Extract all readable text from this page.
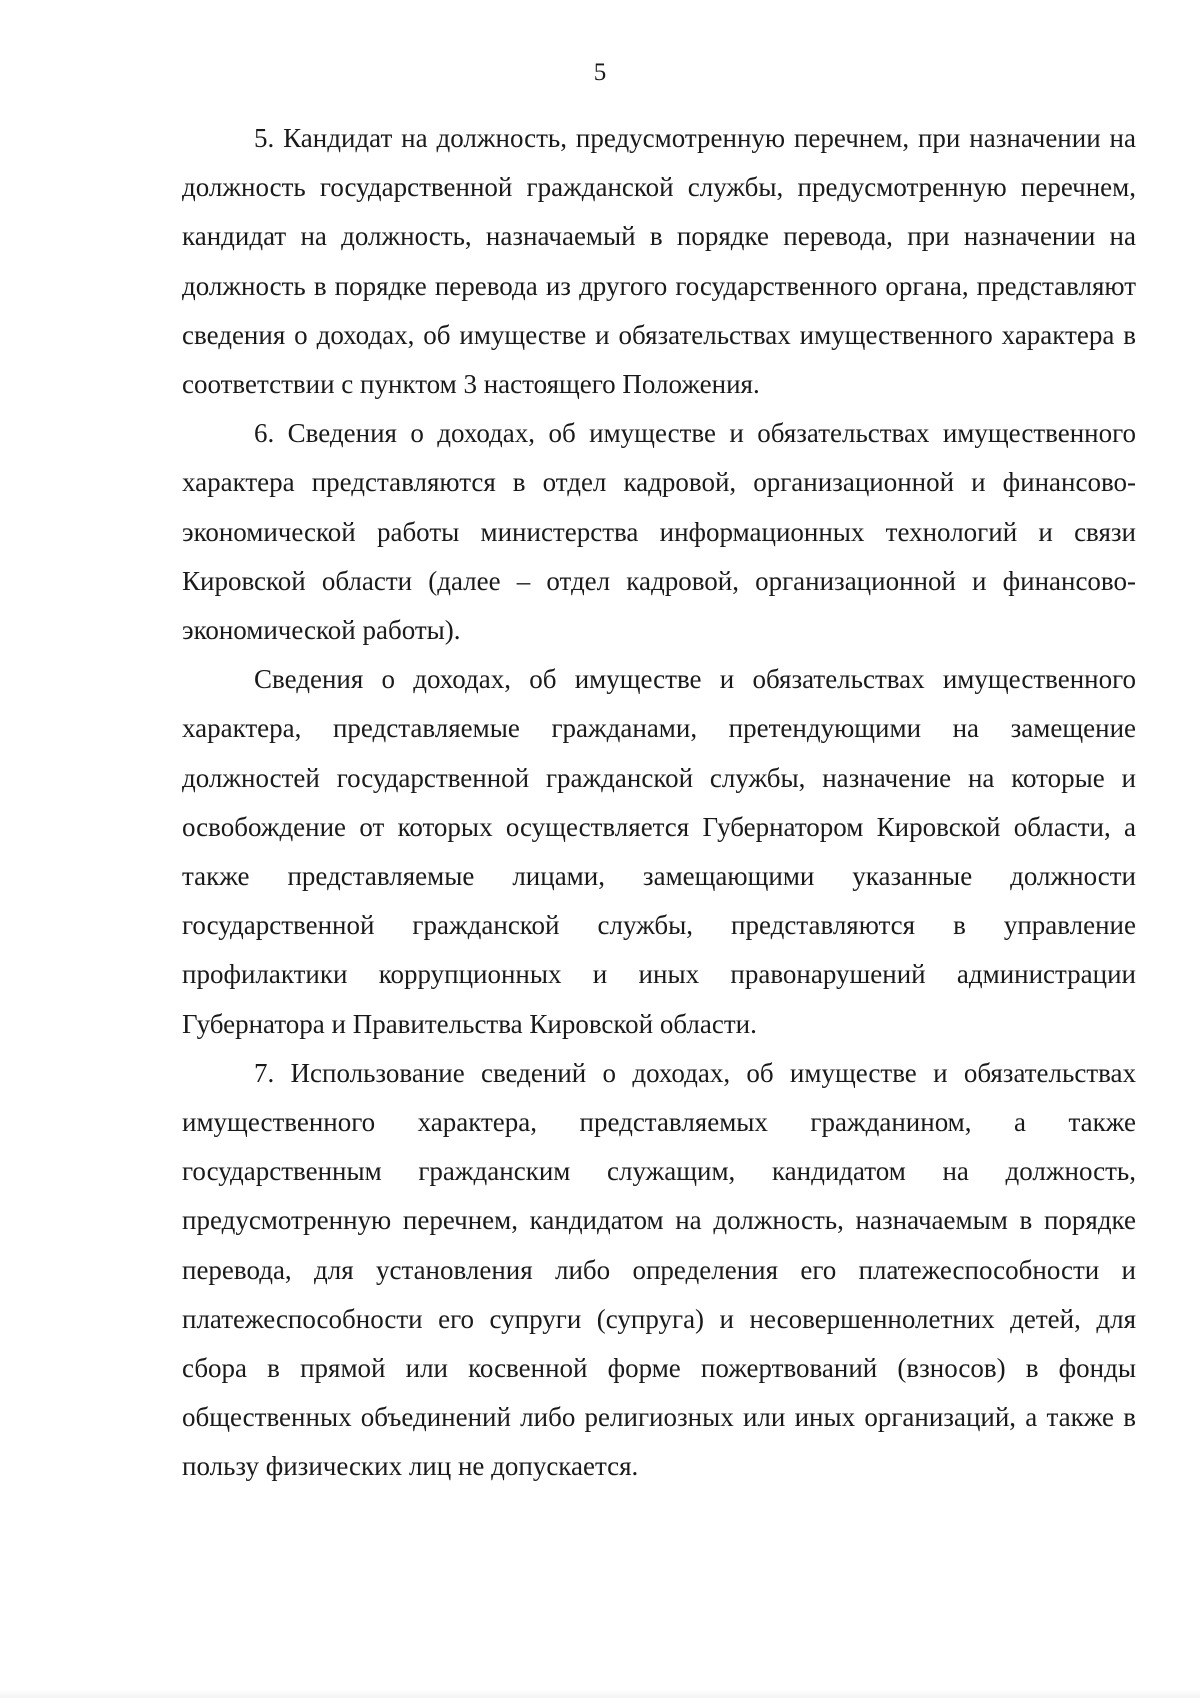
5

5. Кандидат на должность, предусмотренную перечнем, при назначении на должность государственной гражданской службы, предусмотренную перечнем, кандидат на должность, назначаемый в порядке перевода, при назначении на должность в порядке перевода из другого государственного органа, представляют сведения о доходах, об имуществе и обязательствах имущественного характера в соответствии с пунктом 3 настоящего Положения.

6. Сведения о доходах, об имуществе и обязательствах имущественного характера представляются в отдел кадровой, организационной и финансово-экономической работы министерства информационных технологий и связи Кировской области (далее – отдел кадровой, организационной и финансово-экономической работы).

Сведения о доходах, об имуществе и обязательствах имущественного характера, представляемые гражданами, претендующими на замещение должностей государственной гражданской службы, назначение на которые и освобождение от которых осуществляется Губернатором Кировской области, а также представляемые лицами, замещающими указанные должности государственной гражданской службы, представляются в управление профилактики коррупционных и иных правонарушений администрации Губернатора и Правительства Кировской области.

7. Использование сведений о доходах, об имуществе и обязательствах имущественного характера, представляемых гражданином, а также государственным гражданским служащим, кандидатом на должность, предусмотренную перечнем, кандидатом на должность, назначаемым в порядке перевода, для установления либо определения его платежеспособности и платежеспособности его супруги (супруга) и несовершеннолетних детей, для сбора в прямой или косвенной форме пожертвований (взносов) в фонды общественных объединений либо религиозных или иных организаций, а также в пользу физических лиц не допускается.
